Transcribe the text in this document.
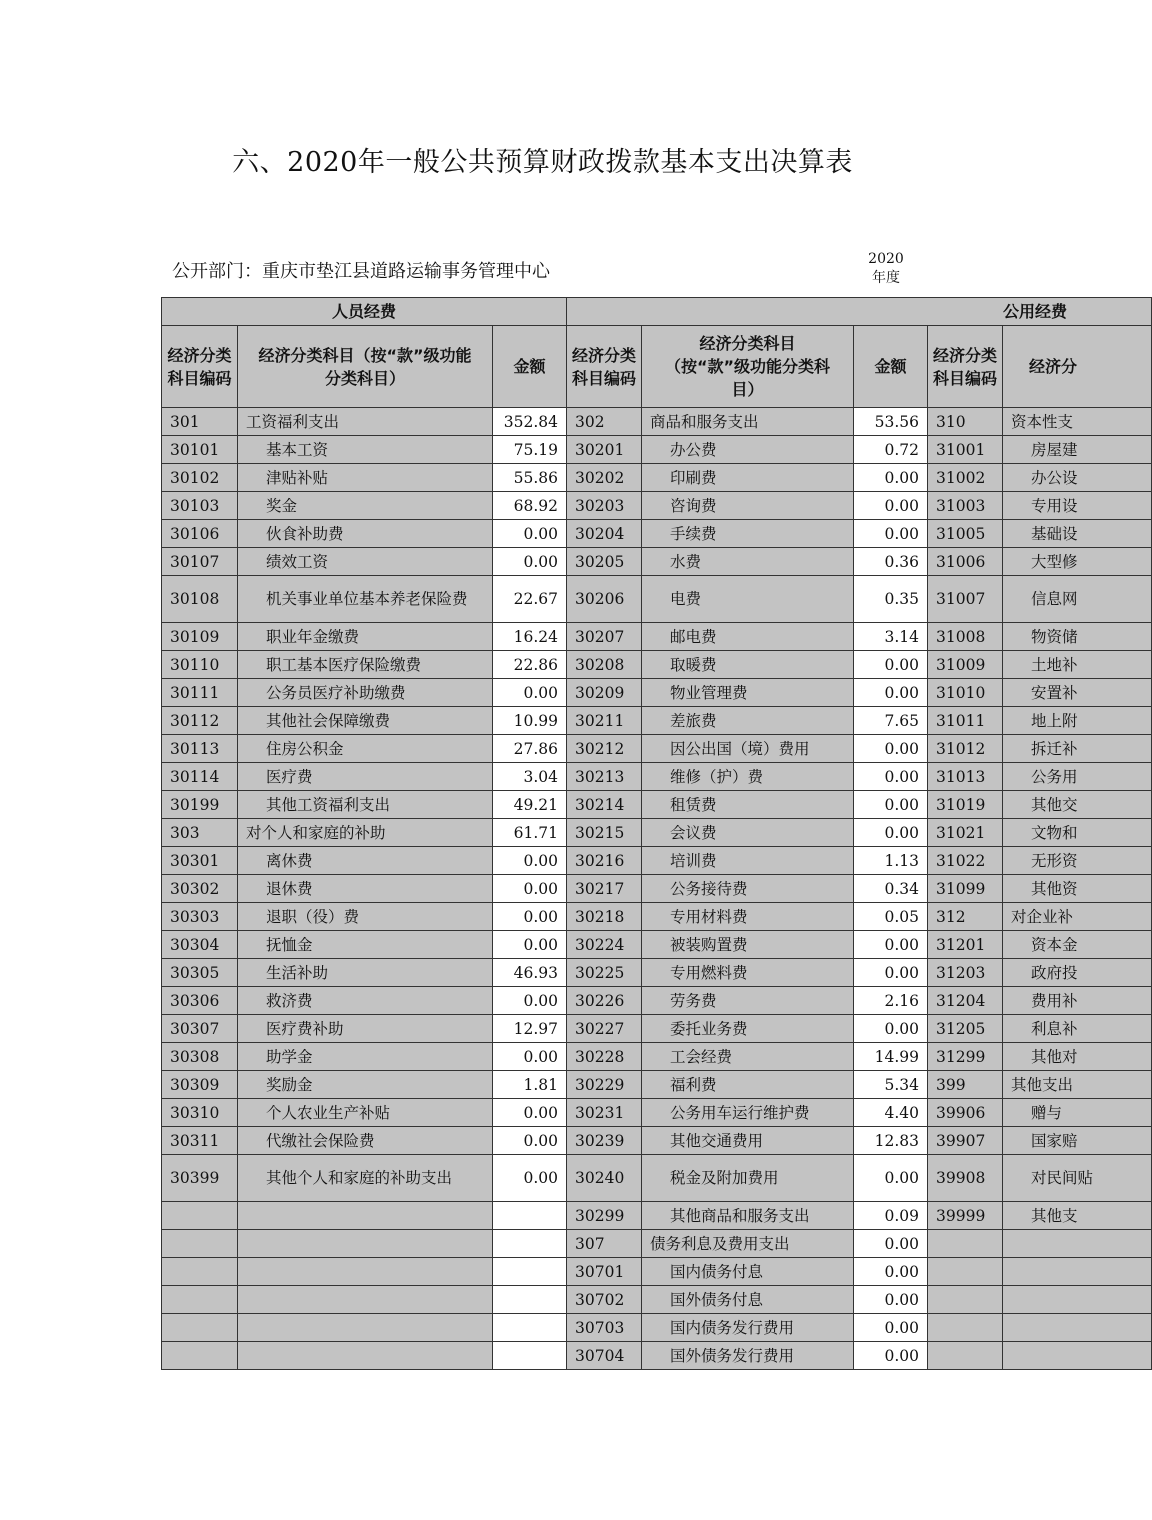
六、2020年一般公共预算财政拨款基本支出决算表
公开部门：重庆市垫江县道路运输事务管理中心
2020
年度
人员经费			公用经费				
经济分类科目编码	经济分类科目（按“款”级功能分类科目）	金额	经济分类科目编码	经济分类科目（按“款”级功能分类科目）	金额	经济分类科目编码	经济分
301	工资福利支出	352.84	302	商品和服务支出	53.56	310	资本性支
30101	基本工资	75.19	30201	办公费	0.72	31001	房屋建
30102	津贴补贴	55.86	30202	印刷费	0.00	31002	办公设
30103	奖金	68.92	30203	咨询费	0.00	31003	专用设
30106	伙食补助费	0.00	30204	手续费	0.00	31005	基础设
30107	绩效工资	0.00	30205	水费	0.36	31006	大型修
30108	机关事业单位基本养老保险费	22.67	30206	电费	0.35	31007	信息网
30109	职业年金缴费	16.24	30207	邮电费	3.14	31008	物资储
30110	职工基本医疗保险缴费	22.86	30208	取暖费	0.00	31009	土地补
30111	公务员医疗补助缴费	0.00	30209	物业管理费	0.00	31010	安置补
30112	其他社会保障缴费	10.99	30211	差旅费	7.65	31011	地上附
30113	住房公积金	27.86	30212	因公出国（境）费用	0.00	31012	拆迁补
30114	医疗费	3.04	30213	维修（护）费	0.00	31013	公务用
30199	其他工资福利支出	49.21	30214	租赁费	0.00	31019	其他交
303	对个人和家庭的补助	61.71	30215	会议费	0.00	31021	文物和
30301	离休费	0.00	30216	培训费	1.13	31022	无形资
30302	退休费	0.00	30217	公务接待费	0.34	31099	其他资
30303	退职（役）费	0.00	30218	专用材料费	0.05	312	对企业补
30304	抚恤金	0.00	30224	被装购置费	0.00	31201	资本金
30305	生活补助	46.93	30225	专用燃料费	0.00	31203	政府投
30306	救济费	0.00	30226	劳务费	2.16	31204	费用补
30307	医疗费补助	12.97	30227	委托业务费	0.00	31205	利息补
30308	助学金	0.00	30228	工会经费	14.99	31299	其他对
30309	奖励金	1.81	30229	福利费	5.34	399	其他支出
30310	个人农业生产补贴	0.00	30231	公务用车运行维护费	4.40	39906	赠与
30311	代缴社会保险费	0.00	30239	其他交通费用	12.83	39907	国家赔
30399	其他个人和家庭的补助支出	0.00	30240	税金及附加费用	0.00	39908	对民间贴
			30299	其他商品和服务支出	0.09	39999	其他支
			307	债务利息及费用支出	0.00		
			30701	国内债务付息	0.00		
			30702	国外债务付息	0.00		
			30703	国内债务发行费用	0.00		
			30704	国外债务发行费用	0.00		
